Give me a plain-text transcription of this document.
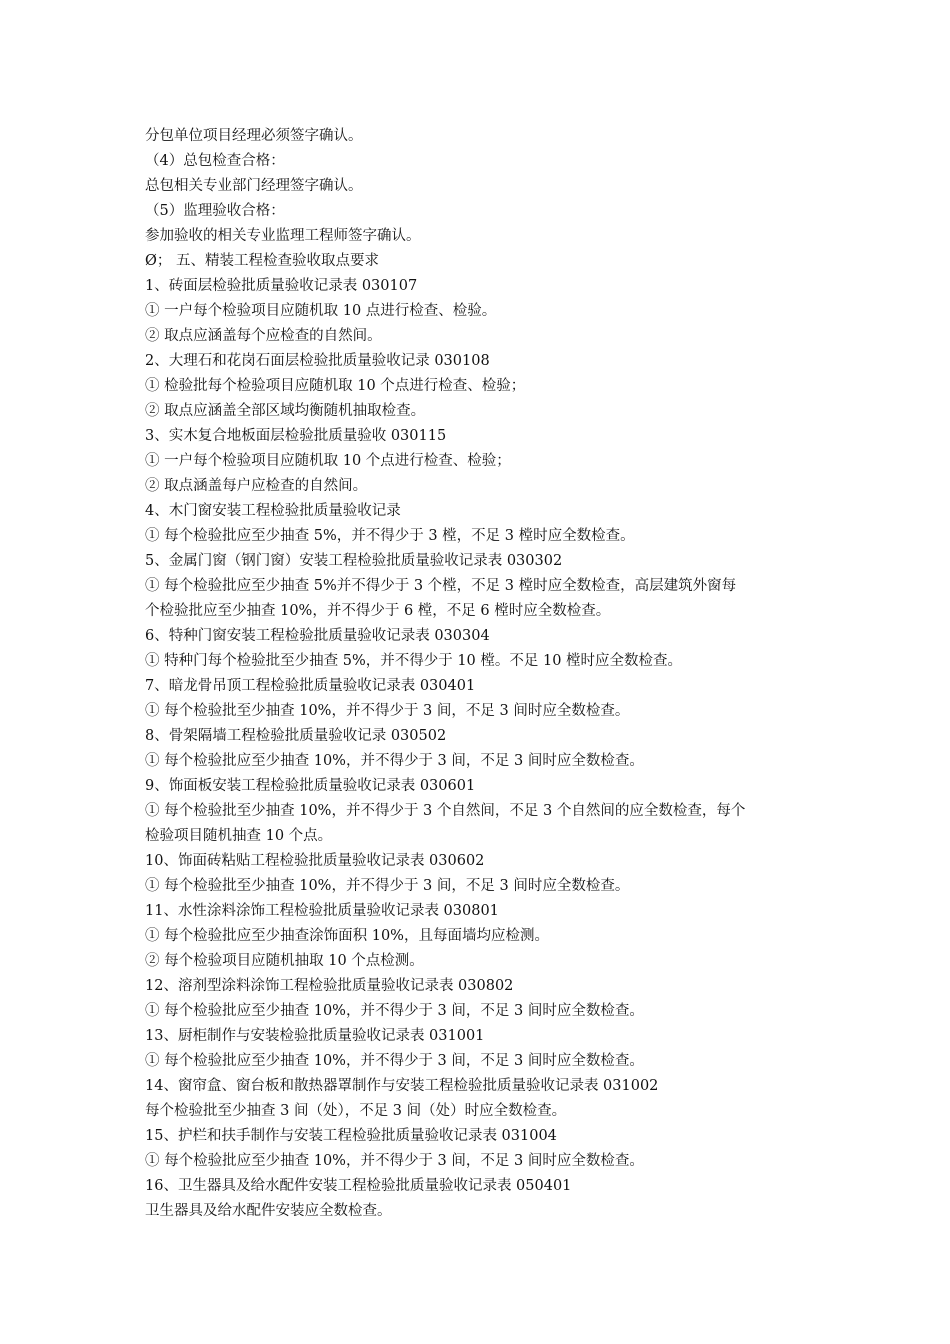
分包单位项目经理必须签字确认。
（4）总包检查合格：
总包相关专业部门经理签字确认。
（5）监理验收合格：
参加验收的相关专业监理工程师签字确认。
Ø； 五、精装工程检查验收取点要求
1、砖面层检验批质量验收记录表 030107
① 一户每个检验项目应随机取 10 点进行检查、检验。
② 取点应涵盖每个应检查的自然间。
2、大理石和花岗石面层检验批质量验收记录 030108
① 检验批每个检验项目应随机取 10 个点进行检查、检验；
② 取点应涵盖全部区域均衡随机抽取检查。
3、实木复合地板面层检验批质量验收 030115
① 一户每个检验项目应随机取 10 个点进行检查、检验；
② 取点涵盖每户应检查的自然间。
4、木门窗安装工程检验批质量验收记录
① 每个检验批应至少抽查 5%，并不得少于 3 樘，不足 3 樘时应全数检查。
5、金属门窗（钢门窗）安装工程检验批质量验收记录表 030302
① 每个检验批应至少抽查 5%并不得少于 3 个樘，不足 3 樘时应全数检查，高层建筑外窗每
个检验批应至少抽查 10%，并不得少于 6 樘，不足 6 樘时应全数检查。
6、特种门窗安装工程检验批质量验收记录表 030304
① 特种门每个检验批至少抽查 5%，并不得少于 10 樘。不足 10 樘时应全数检查。
7、暗龙骨吊顶工程检验批质量验收记录表 030401
① 每个检验批至少抽查 10%，并不得少于 3 间，不足 3 间时应全数检查。
8、骨架隔墙工程检验批质量验收记录 030502
① 每个检验批应至少抽查 10%，并不得少于 3 间，不足 3 间时应全数检查。
9、饰面板安装工程检验批质量验收记录表 030601
① 每个检验批至少抽查 10%，并不得少于 3 个自然间，不足 3 个自然间的应全数检查，每个
检验项目随机抽查 10 个点。
10、饰面砖粘贴工程检验批质量验收记录表 030602
① 每个检验批至少抽查 10%，并不得少于 3 间，不足 3 间时应全数检查。
11、水性涂料涂饰工程检验批质量验收记录表 030801
① 每个检验批应至少抽查涂饰面积 10%，且每面墙均应检测。
② 每个检验项目应随机抽取 10 个点检测。
12、溶剂型涂料涂饰工程检验批质量验收记录表 030802
① 每个检验批应至少抽查 10%，并不得少于 3 间，不足 3 间时应全数检查。
13、厨柜制作与安装检验批质量验收记录表 031001
① 每个检验批应至少抽查 10%，并不得少于 3 间，不足 3 间时应全数检查。
14、窗帘盒、窗台板和散热器罩制作与安装工程检验批质量验收记录表 031002
每个检验批至少抽查 3 间（处），不足 3 间（处）时应全数检查。
15、护栏和扶手制作与安装工程检验批质量验收记录表 031004
① 每个检验批应至少抽查 10%，并不得少于 3 间，不足 3 间时应全数检查。
16、卫生器具及给水配件安装工程检验批质量验收记录表 050401
卫生器具及给水配件安装应全数检查。
